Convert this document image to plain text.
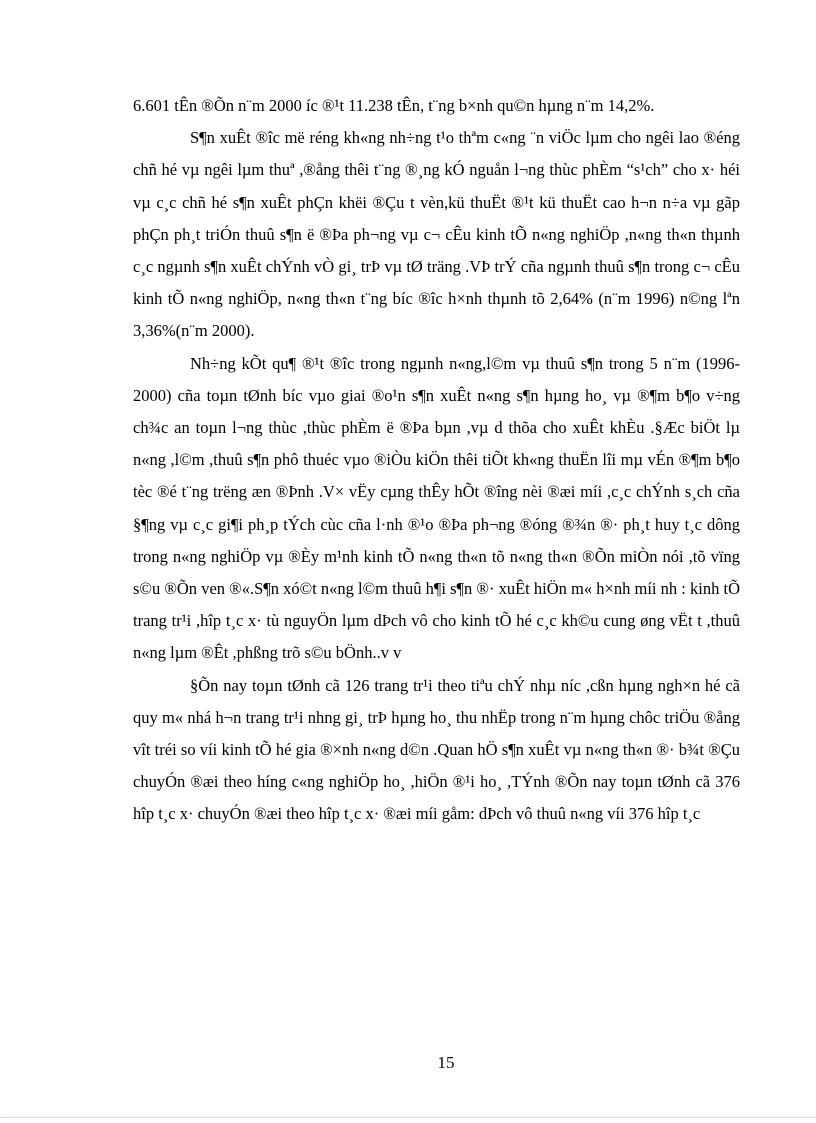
6.601 tÊn ®Õn n¨m 2000 íc ®¹t 11.238 tÊn, t¨ng b×nh qu©n hµng n¨m 14,2%.

S¶n xuÊt ®îc më réng kh«ng nh÷ng t¹o thªm c«ng ¨n viÖc lµm cho ngêi lao ®éng chñ hé vµ ngêi lµm thuª ,®ång thêi t¨ng ®¸ng kÓ nguån l¬ng thùc phÈm “s¹ch” cho x· héi vµ c¸c chñ hé s¶n xuÊt phÇn khëi ®Çu t vèn,kü thuËt ®¹t kü thuËt cao h¬n n÷a vµ gãp phÇn ph¸t triÓn thuû s¶n ë ®Þa ph¬ng vµ c¬ cÊu kinh tÕ n«ng nghiÖp ,n«ng th«n thµnh c¸c ngµnh s¶n xuÊt chÝnh vÒ gi¸ trÞ vµ tØ träng .VÞ trÝ cña ngµnh thuû s¶n trong c¬ cÊu kinh tÕ n«ng nghiÖp, n«ng th«n t¨ng bíc ®îc h×nh thµnh tõ 2,64% (n¨m 1996) n©ng lªn 3,36%(n¨m 2000).

Nh÷ng kÕt qu¶ ®¹t ®îc trong ngµnh n«ng,l©m vµ thuû s¶n trong 5 n¨m (1996-2000) cña toµn tØnh bíc vµo giai ®o¹n s¶n xuÊt n«ng s¶n hµng ho¸ vµ ®¶m b¶o v÷ng ch¾c an toµn l¬ng thùc ,thùc phÈm ë ®Þa bµn ,vµ d thõa cho xuÊt khÈu .§Æc biÖt lµ n«ng ,l©m ,thuû s¶n phô thuéc vµo ®iÒu kiÖn thêi tiÕt kh«ng thuËn lîi mµ vÉn ®¶m b¶o tèc ®é t¨ng trëng æn ®Þnh .V× vËy cµng thÊy hÕt ®îng nèi ®æi míi ,c¸c chÝnh s¸ch cña §¶ng vµ c¸c gi¶i ph¸p tÝch cùc cña l·nh ®¹o ®Þa ph¬ng ®óng ®¾n ®· ph¸t huy t¸c dông trong n«ng nghiÖp vµ ®Èy m¹nh kinh tÕ n«ng th«n tõ n«ng th«n ®Õn miÒn nói ,tõ vïng s©u ®Õn ven ®«.S¶n xó©t n«ng l©m thuû h¶i s¶n ®· xuÊt hiÖn m« h×nh míi nh : kinh tÕ trang tr¹i ,hîp t¸c x· tù nguyÖn lµm dÞch vô cho kinh tÕ hé c¸c kh©u cung øng vËt t ,thuû n«ng lµm ®Êt ,phßng trõ s©u bÖnh..v v

§Õn nay toµn tØnh cã 126 trang tr¹i theo tiªu chÝ nhµ níc ,cßn hµng ngh×n hé cã quy m« nhá h¬n trang tr¹i nhng gi¸ trÞ hµng ho¸ thu nhËp trong n¨m hµng chôc triÖu ®ång vît tréi so víi kinh tÕ hé gia ®×nh n«ng d©n .Quan hÖ s¶n xuÊt vµ n«ng th«n ®· b¾t ®Çu chuyÓn ®æi theo híng c«ng nghiÖp ho¸ ,hiÖn ®¹i ho¸ ,TÝnh ®Õn nay toµn tØnh cã 376 hîp t¸c x· chuyÓn ®æi theo hîp t¸c x· ®æi míi gåm: dÞch vô thuû n«ng víi 376 hîp t¸c

15
